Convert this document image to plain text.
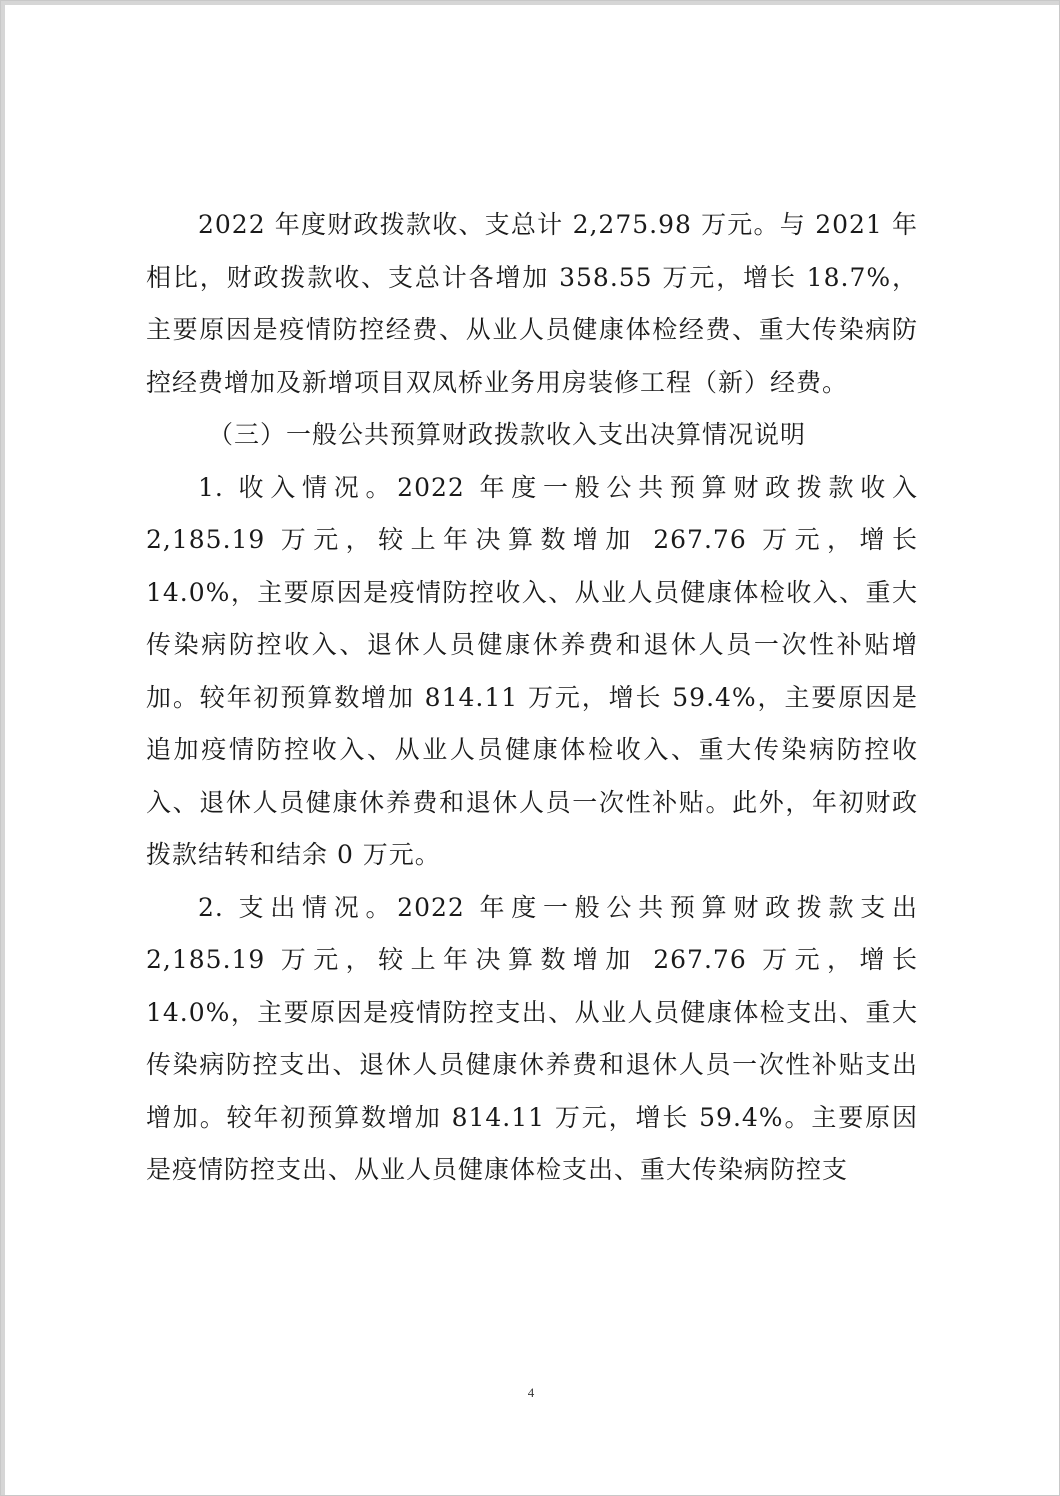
2022 年度财政拨款收、支总计 2,275.98 万元。与 2021 年相比，财政拨款收、支总计各增加 358.55 万元，增长 18.7%，主要原因是疫情防控经费、从业人员健康体检经费、重大传染病防控经费增加及新增项目双凤桥业务用房装修工程（新）经费。

（三）一般公共预算财政拨款收入支出决算情况说明

1. 收入情况。2022 年度一般公共预算财政拨款收入 2,185.19 万元，较上年决算数增加 267.76 万元，增长 14.0%，主要原因是疫情防控收入、从业人员健康体检收入、重大传染病防控收入、退休人员健康休养费和退休人员一次性补贴增加。较年初预算数增加 814.11 万元，增长 59.4%，主要原因是追加疫情防控收入、从业人员健康体检收入、重大传染病防控收入、退休人员健康休养费和退休人员一次性补贴。此外，年初财政拨款结转和结余 0 万元。

2. 支出情况。2022 年度一般公共预算财政拨款支出 2,185.19 万元，较上年决算数增加 267.76 万元，增长 14.0%，主要原因是疫情防控支出、从业人员健康体检支出、重大传染病防控支出、退休人员健康休养费和退休人员一次性补贴支出增加。较年初预算数增加 814.11 万元，增长 59.4%。主要原因是疫情防控支出、从业人员健康体检支出、重大传染病防控支

4
